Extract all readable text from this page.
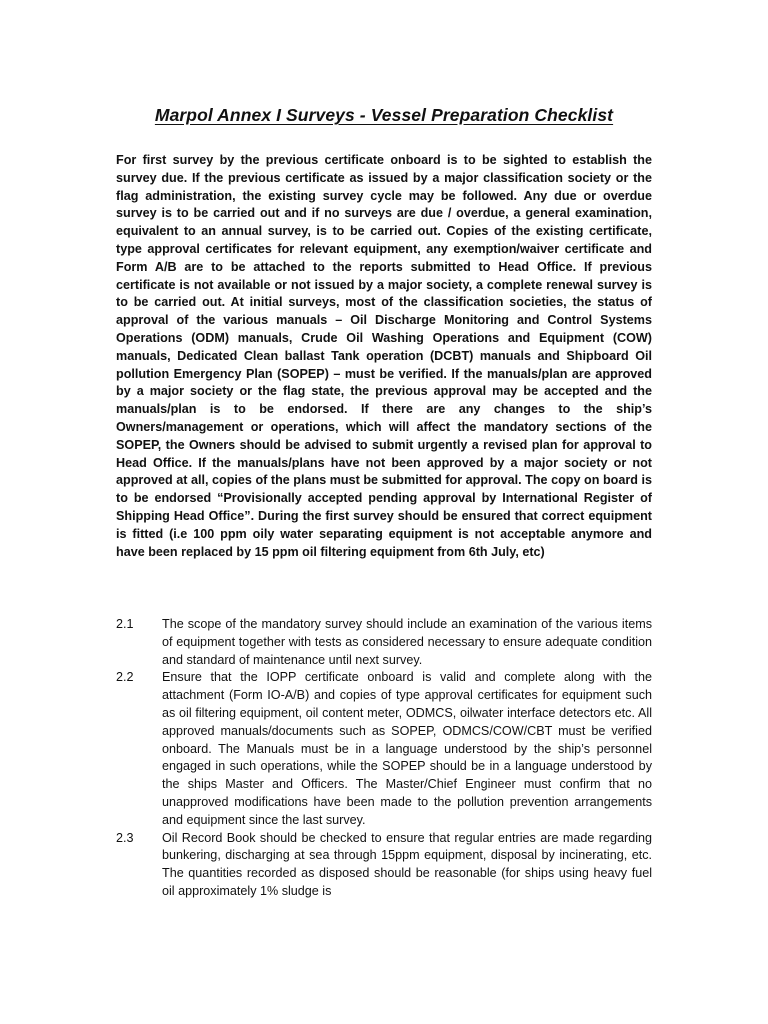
Marpol Annex I Surveys - Vessel Preparation Checklist

For first survey by the previous certificate onboard is to be sighted to establish the survey due. If the previous certificate as issued by a major classification society or the flag administration, the existing survey cycle may be followed. Any due or overdue survey is to be carried out and if no surveys are due / overdue, a general examination, equivalent to an annual survey, is to be carried out. Copies of the existing certificate, type approval certificates for relevant equipment, any exemption/waiver certificate and Form A/B are to be attached to the reports submitted to Head Office. If previous certificate is not available or not issued by a major society, a complete renewal survey is to be carried out. At initial surveys, most of the classification societies, the status of approval of the various manuals – Oil Discharge Monitoring and Control Systems Operations (ODM) manuals, Crude Oil Washing Operations and Equipment (COW) manuals, Dedicated Clean ballast Tank operation (DCBT) manuals and Shipboard Oil pollution Emergency Plan (SOPEP) – must be verified. If the manuals/plan are approved by a major society or the flag state, the previous approval may be accepted and the manuals/plan is to be endorsed. If there are any changes to the ship’s Owners/management or operations, which will affect the mandatory sections of the SOPEP, the Owners should be advised to submit urgently a revised plan for approval to Head Office. If the manuals/plans have not been approved by a major society or not approved at all, copies of the plans must be submitted for approval. The copy on board is to be endorsed “Provisionally accepted pending approval by International Register of Shipping Head Office”. During the first survey should be ensured that correct equipment is fitted (i.e 100 ppm oily water separating equipment is not acceptable anymore and have been replaced by 15 ppm oil filtering equipment from 6th July, etc)

2.1	The scope of the mandatory survey should include an examination of the various items of equipment together with tests as considered necessary to ensure adequate condition and standard of maintenance until next survey.
2.2	Ensure that the IOPP certificate onboard is valid and complete along with the attachment (Form IO-A/B) and copies of type approval certificates for equipment such as oil filtering equipment, oil content meter, ODMCS, oilwater interface detectors etc. All approved manuals/documents such as SOPEP, ODMCS/COW/CBT must be verified onboard. The Manuals must be in a language understood by the ship’s personnel engaged in such operations, while the SOPEP should be in a language understood by the ships Master and Officers. The Master/Chief Engineer must confirm that no unapproved modifications have been made to the pollution prevention arrangements and equipment since the last survey.
2.3	Oil Record Book should be checked to ensure that regular entries are made regarding bunkering, discharging at sea through 15ppm equipment, disposal by incinerating, etc. The quantities recorded as disposed should be reasonable (for ships using heavy fuel oil approximately 1% sludge is
